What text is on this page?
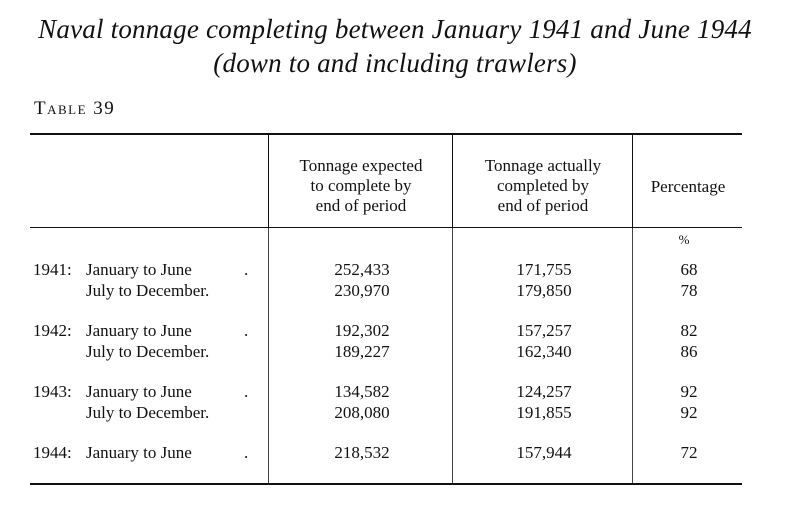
Naval tonnage completing between January 1941 and June 1944
(down to and including trawlers)
Table 39
Tonnage expected
to complete by
end of period
Tonnage actually
completed by
end of period
Percentage
%
1941: January to June	.	252,433	171,755	68
July to December.	230,970	179,850	78
1942: January to June	.	192,302	157,257	82
July to December.	189,227	162,340	86
1943: January to June	.	134,582	124,257	92
July to December.	208,080	191,855	92
1944: January to June	.	218,532	157,944	72
